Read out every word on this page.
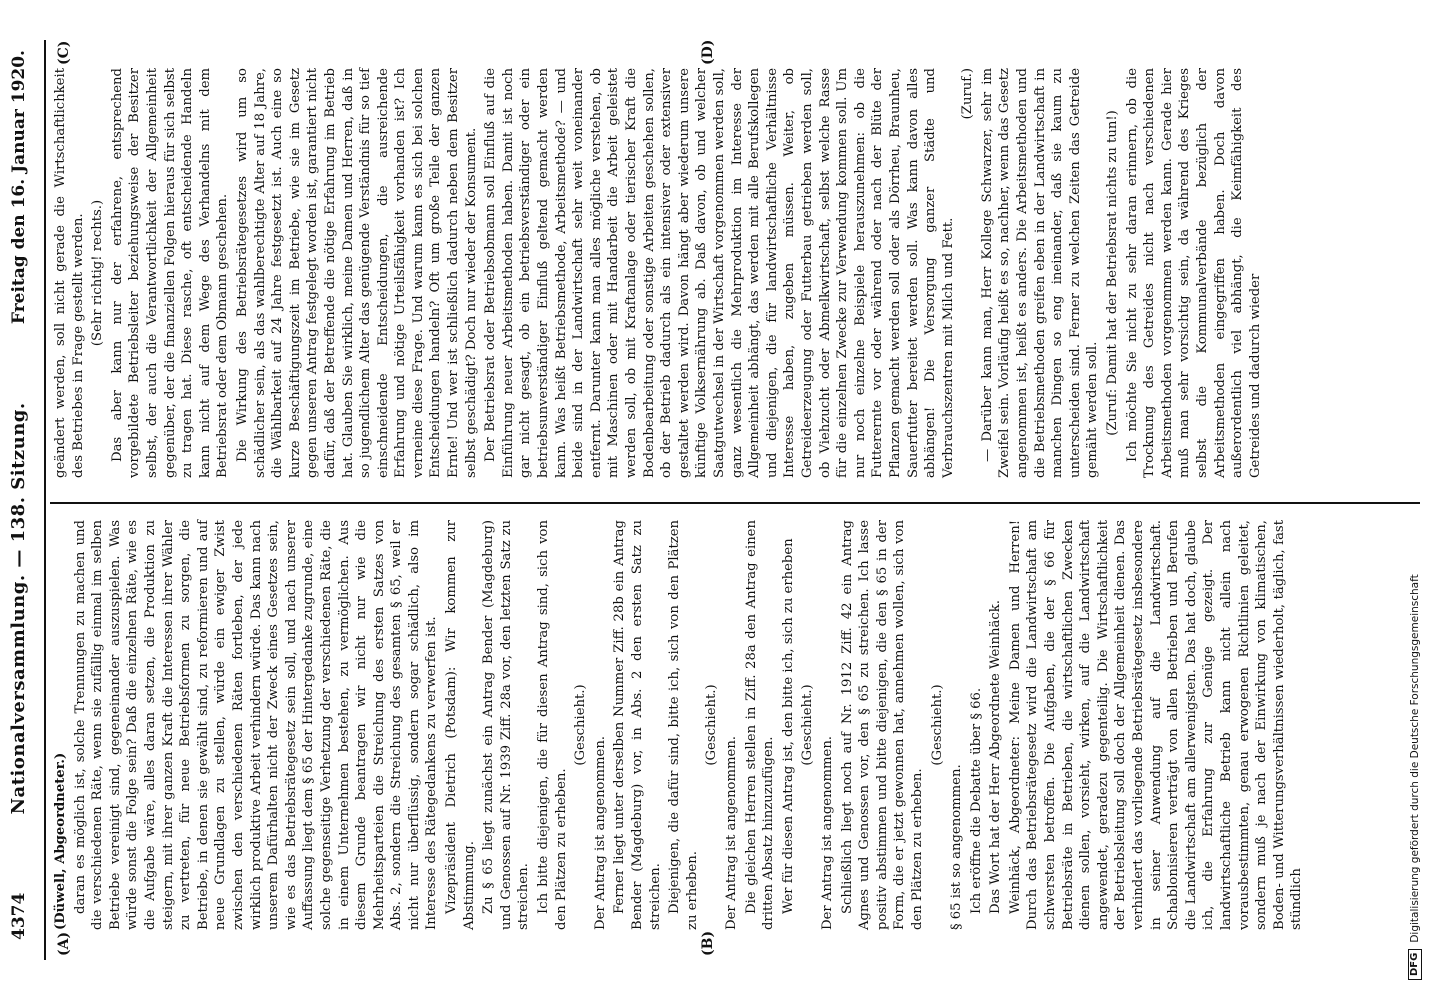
4374
Nationalversammlung. — 138. Sitzung.
Freitag den 16. Januar 1920.
(A)	(B)
(C)	(D)

(Düwell, Abgeordneter.) daran es möglich ist, solche Trennungen zu machen und die verschiedenen Räte, wenn sie zufällig einmal im selben Betriebe vereinigt sind, gegeneinander auszuspielen. Was würde sonst die Folge sein? Daß die einzelnen Räte, wie es die Aufgabe wäre, alles daran setzen, die Produktion zu steigern, mit ihrer ganzen Kraft die Interessen ihrer Wähler zu vertreten, für neue Betriebsformen zu sorgen, die Betriebe, in denen sie gewählt sind, zu reformieren und auf neue Grundlagen zu stellen, würde ein ewiger Zwist zwischen den verschiedenen Räten fortleben, der jede wirklich produktive Arbeit verhindern würde. Das kann nach unserem Dafürhalten nicht der Zweck eines Gesetzes sein, wie es das Betriebsrätegesetz sein soll, und nach unserer Auffassung liegt dem § 65 der Hintergedanke zugrunde, eine solche gegenseitige Verhetzung der verschiedenen Räte, die in einem Unternehmen bestehen, zu vermöglichen. Aus diesem Grunde beantragen wir nicht nur wie die Mehrheitsparteien die Streichung des ersten Satzes von Abs. 2, sondern die Streichung des gesamten § 65, weil er nicht nur überflüssig, sondern sogar schädlich, also im Interesse des Rätegedankens zu verwerfen ist. Vizepräsident Dietrich (Potsdam): Wir kommen zur Abstimmung. Zu § 65 liegt zunächst ein Antrag Bender (Magdeburg) und Genossen auf Nr. 1939 Ziff. 28a vor, den letzten Satz zu streichen. Ich bitte diejenigen, die für diesen Antrag sind, sich von den Plätzen zu erheben.

(Geschieht.)

Der Antrag ist angenommen. Ferner liegt unter derselben Nummer Ziff. 28b ein Antrag Bender (Magdeburg) vor, in Abs. 2 den ersten Satz zu streichen. Diejenigen, die dafür sind, bitte ich, sich von den Plätzen zu erheben.

(Geschieht.)

Der Antrag ist angenommen. Die gleichen Herren stellen in Ziff. 28a den Antrag einen dritten Absatz hinzuzufügen. Wer für diesen Antrag ist, den bitte ich, sich zu erheben (Geschieht.)

Der Antrag ist angenommen. Schließlich liegt noch auf Nr. 1912 Ziff. 42 ein Antrag Agnes und Genossen vor, den § 65 zu streichen. Ich lasse positiv abstimmen und bitte diejenigen, die den § 65 in der Form, die er jetzt gewonnen hat, annehmen wollen, sich von den Plätzen zu erheben.

(Geschieht.)

§ 65 ist so angenommen. Ich eröffne die Debatte über § 66. Das Wort hat der Herr Abgeordnete Weinhäck. Weinhäck, Abgeordneter: Meine Damen und Herren! Durch das Betriebsrätegesetz wird die Landwirtschaft am schwersten betroffen. Die Aufgaben, die der § 66 für Betriebsräte in Betrieben, die wirtschaftlichen Zwecken dienen sollen, vorsieht, wirken, auf die Landwirtschaft angewendet, geradezu gegenteilig. Die Wirtschaftlichkeit der Betriebsleitung soll doch der Allgemeinheit dienen. Das verhindert das vorliegende Betriebsrätegesetz insbesondere in seiner Anwendung auf die Landwirtschaft. Schablonisieren verträgt von allen Betrieben und Berufen die Landwirtschaft am allerwenigsten. Das hat doch, glaube ich, die Erfahrung zur Genüge gezeigt. Der landwirtschaftliche Betrieb kann nicht allein nach vorausbestimmten, genau erwogenen Richtlinien geleitet, sondern muß je nach der Einwirkung von klimatischen, Boden- und Witterungsverhältnissen wiederholt, täglich, fast stündlich

geändert werden, soll nicht gerade die Wirtschaftlichkeit des Betriebes in Frage gestellt werden. (Sehr richtig! rechts.) Das aber kann nur der erfahrene, entsprechend vorgebildete Betriebsleiter beziehungsweise der Besitzer selbst, der auch die Verantwortlichkeit der Allgemeinheit gegenüber, der die finanziellen Folgen hieraus für sich selbst zu tragen hat. Diese rasche, oft entscheidende Handeln kann nicht auf dem Wege des Verhandelns mit dem Betriebsrat oder dem Obmann geschehen. Die Wirkung des Betriebsrätegesetzes wird um so schädlicher sein, als das wahlberechtigte Alter auf 18 Jahre, die Wählbarkeit auf 24 Jahre festgesetzt ist. Auch eine so kurze Beschäftigungszeit im Betriebe, wie sie im Gesetz gegen unseren Antrag festgelegt worden ist, garantiert nicht dafür, daß der Betreffende die nötige Erfahrung im Betrieb hat. Glauben Sie wirklich, meine Damen und Herren, daß in so jugendlichem Alter das genügende Verständnis für so tief einschneidende Entscheidungen, die ausreichende Erfahrung und nötige Urteilsfähigkeit vorhanden ist? Ich verneine diese Frage. Und warum kann es sich bei solchen Entscheidungen handeln? Oft um große Teile der ganzen Ernte! Und wer ist schließlich dadurch neben dem Besitzer selbst geschädigt? Doch nur wieder der Konsument. Der Betriebsrat oder Betriebsobmann soll Einfluß auf die Einführung neuer Arbeitsmethoden haben. Damit ist noch gar nicht gesagt, ob ein betriebsverständiger oder ein betriebsunverständiger Einfluß geltend gemacht werden kann. Was heißt Betriebsmethode, Arbeitsmethode? — und beide sind in der Landwirtschaft sehr weit voneinander entfernt. Darunter kann man alles mögliche verstehen, ob mit Maschinen oder mit Handarbeit die Arbeit geleistet werden soll, ob mit Kraftanlage oder tierischer Kraft die Bodenbearbeitung oder sonstige Arbeiten geschehen sollen, ob der Betrieb dadurch als ein intensiver oder extensiver gestaltet werden wird. Davon hängt aber wiederum unsere künftige Volksernährung ab. Daß davon, ob und welcher Saatgutwechsel in der Wirtschaft vorgenommen werden soll, ganz wesentlich die Mehrproduktion im Interesse der Allgemeinheit abhängt, das werden mit alle Berufskollegen und diejenigen, die für landwirtschaftliche Verhältnisse Interesse haben, zugeben müssen. Weiter, ob Getreideerzeugung oder Futterbau getrieben werden soll, ob Viehzucht oder Abmelkwirtschaft, selbst welche Rasse für die einzelnen Zwecke zur Verwendung kommen soll. Um nur noch einzelne Beispiele herauszunehmen: ob die Futterernte vor oder während oder nach der Blüte der Pflanzen gemacht werden soll oder als Dörrheu, Braunheu, Sauerfutter bereitet werden soll. Was kann davon alles abhängen! Die Versorgung ganzer Städte und Verbrauchszentren mit Milch und Fett.

(Zuruf.) — Darüber kann man, Herr Kollege Schwarzer, sehr im Zweifel sein. Vorläufig heißt es so, nachher, wenn das Gesetz angenommen ist, heißt es anders. Die Arbeitsmethoden und die Betriebsmethoden greifen eben in der Landwirtschaft in manchen Dingen so eng ineinander, daß sie kaum zu unterscheiden sind. Ferner zu welchen Zeiten das Getreide gemäht werden soll. (Zuruf: Damit hat der Betriebsrat nichts zu tun!) Ich möchte Sie nicht zu sehr daran erinnern, ob die Trocknung des Getreides nicht nach verschiedenen Arbeitsmethoden vorgenommen werden kann. Gerade hier muß man sehr vorsichtig sein, da während des Krieges selbst die Kommunalverbände bezüglich der Arbeitsmethoden eingegriffen haben. Doch davon außerordentlich viel abhängt, die Keimfähigkeit des Getreides und dadurch wieder

DFG
Digitalisierung gefördert durch die Deutsche Forschungsgemeinschaft
